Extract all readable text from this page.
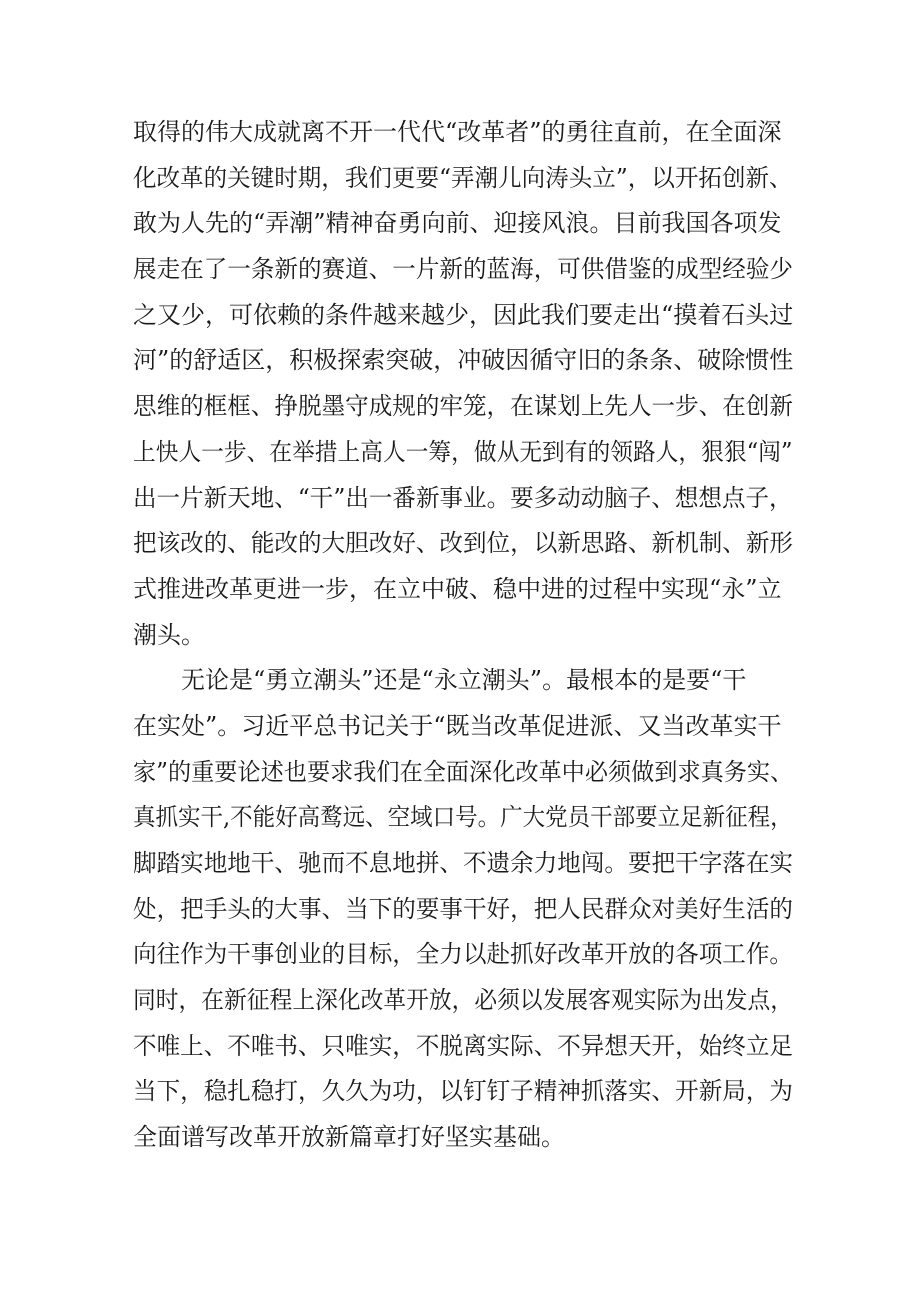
取得的伟大成就离不开一代代“改革者”的勇往直前，在全面深
化改革的关键时期，我们更要“弄潮儿向涛头立”，以开拓创新、
敢为人先的“弄潮”精神奋勇向前、迎接风浪。目前我国各项发
展走在了一条新的赛道、一片新的蓝海，可供借鉴的成型经验少
之又少，可依赖的条件越来越少，因此我们要走出“摸着石头过
河”的舒适区，积极探索突破，冲破因循守旧的条条、破除惯性
思维的框框、挣脱墨守成规的牢笼，在谋划上先人一步、在创新
上快人一步、在举措上高人一筹，做从无到有的领路人，狠狠“闯”
出一片新天地、“干”出一番新事业。要多动动脑子、想想点子，
把该改的、能改的大胆改好、改到位，以新思路、新机制、新形
式推进改革更进一步，在立中破、稳中进的过程中实现“永”立
潮头。
　　无论是“勇立潮头”还是“永立潮头”。最根本的是要“干
在实处”。习近平总书记关于“既当改革促进派、又当改革实干
家”的重要论述也要求我们在全面深化改革中必须做到求真务实、
真抓实干,不能好高鹜远、空域口号。广大党员干部要立足新征程，
脚踏实地地干、驰而不息地拼、不遗余力地闯。要把干字落在实
处，把手头的大事、当下的要事干好，把人民群众对美好生活的
向往作为干事创业的目标，全力以赴抓好改革开放的各项工作。
同时，在新征程上深化改革开放，必须以发展客观实际为出发点，
不唯上、不唯书、只唯实，不脱离实际、不异想天开，始终立足
当下，稳扎稳打，久久为功，以钉钉子精神抓落实、开新局，为
全面谱写改革开放新篇章打好坚实基础。
